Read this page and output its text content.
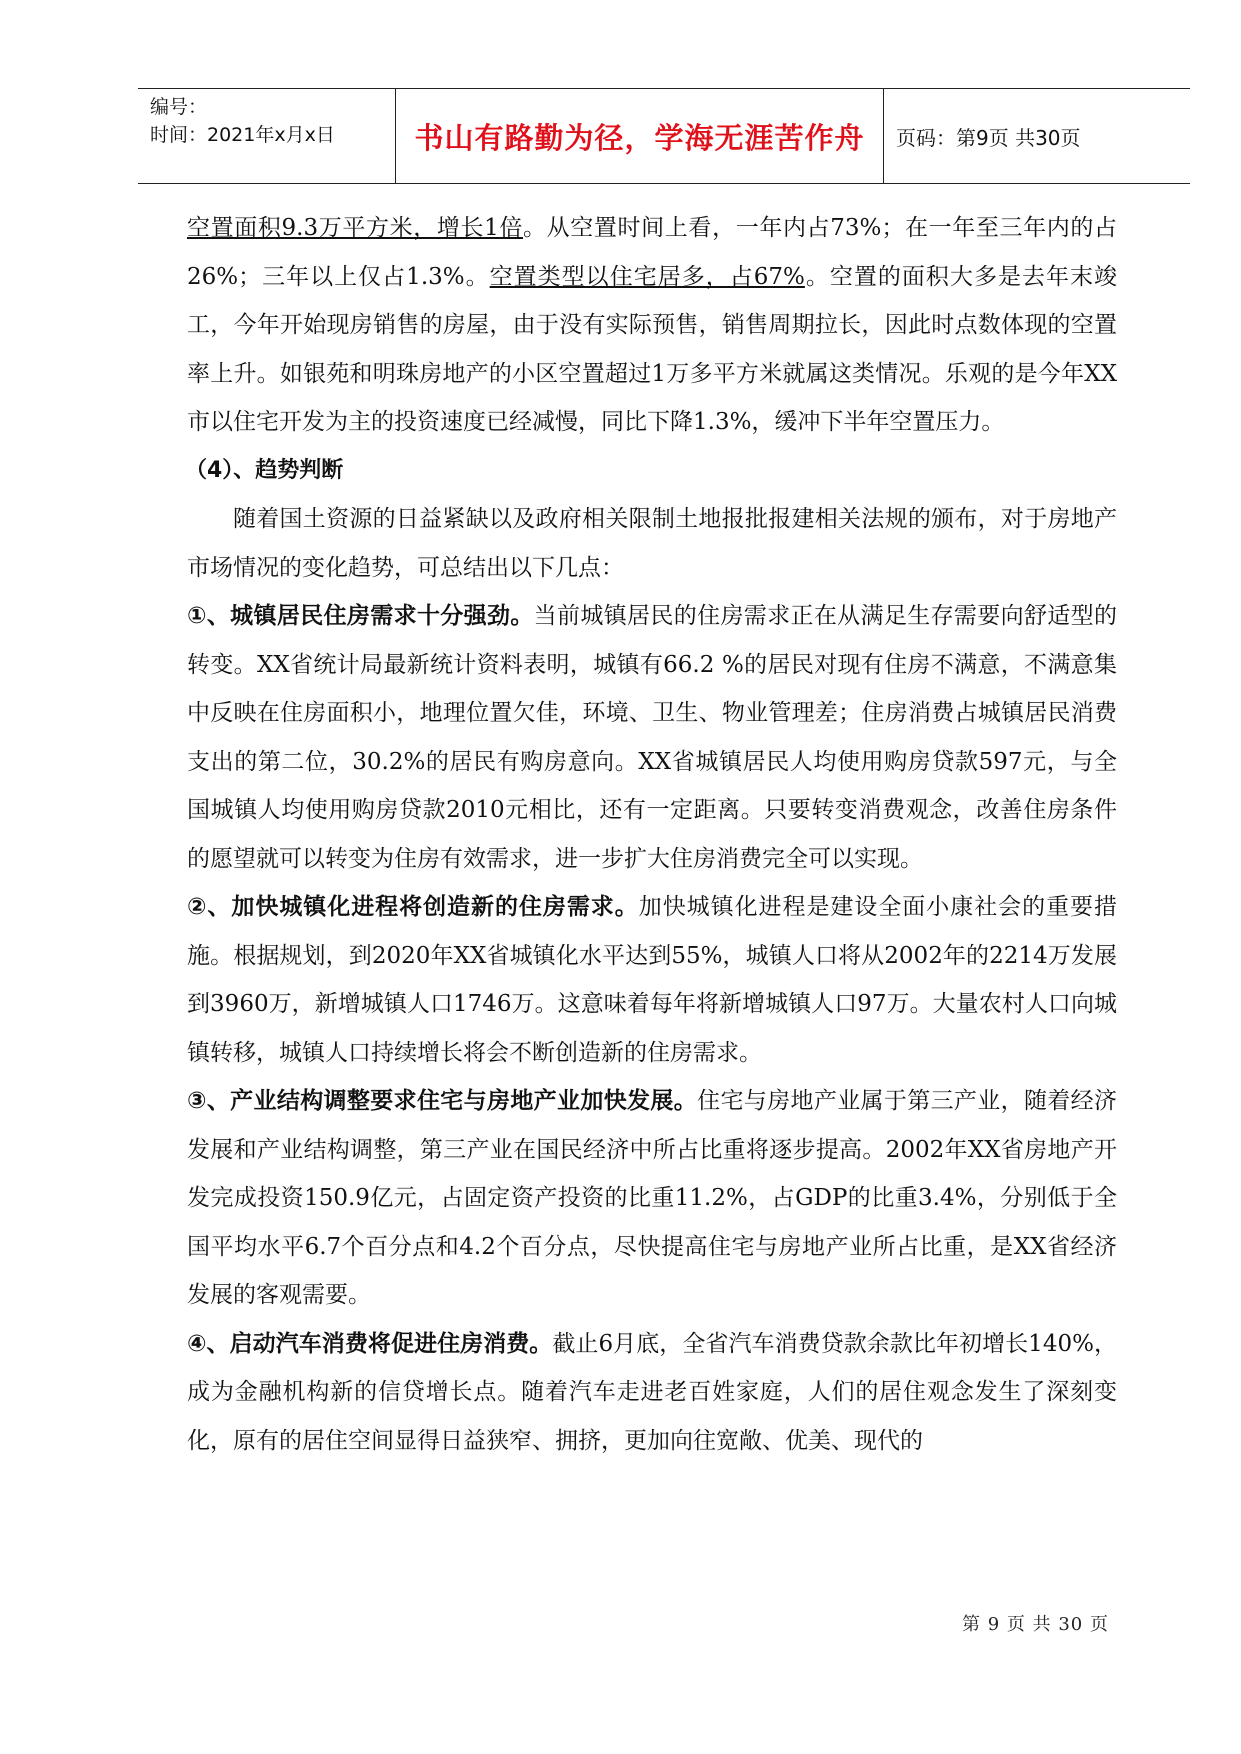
编号：
时间：2021年x月x日	书山有路勤为径，学海无涯苦作舟	页码：第9页 共30页

空置面积9.3万平方米，增长1倍。从空置时间上看，一年内占73%；在一年至三年内的占26%；三年以上仅占1.3%。空置类型以住宅居多，占67%。空置的面积大多是去年末竣工，今年开始现房销售的房屋，由于没有实际预售，销售周期拉长，因此时点数体现的空置率上升。如银苑和明珠房地产的小区空置超过1万多平方米就属这类情况。乐观的是今年XX市以住宅开发为主的投资速度已经减慢，同比下降1.3%，缓冲下半年空置压力。

（4）、趋势判断

随着国土资源的日益紧缺以及政府相关限制土地报批报建相关法规的颁布，对于房地产市场情况的变化趋势，可总结出以下几点：

①、城镇居民住房需求十分强劲。当前城镇居民的住房需求正在从满足生存需要向舒适型的转变。XX省统计局最新统计资料表明，城镇有66.2 %的居民对现有住房不满意，不满意集中反映在住房面积小，地理位置欠佳，环境、卫生、物业管理差；住房消费占城镇居民消费支出的第二位，30.2%的居民有购房意向。XX省城镇居民人均使用购房贷款597元，与全国城镇人均使用购房贷款2010元相比，还有一定距离。只要转变消费观念，改善住房条件的愿望就可以转变为住房有效需求，进一步扩大住房消费完全可以实现。

②、加快城镇化进程将创造新的住房需求。加快城镇化进程是建设全面小康社会的重要措施。根据规划，到2020年XX省城镇化水平达到55%，城镇人口将从2002年的2214万发展到3960万，新增城镇人口1746万。这意味着每年将新增城镇人口97万。大量农村人口向城镇转移，城镇人口持续增长将会不断创造新的住房需求。

③、产业结构调整要求住宅与房地产业加快发展。住宅与房地产业属于第三产业，随着经济发展和产业结构调整，第三产业在国民经济中所占比重将逐步提高。2002年XX省房地产开发完成投资150.9亿元，占固定资产投资的比重11.2%，占GDP的比重3.4%，分别低于全国平均水平6.7个百分点和4.2个百分点，尽快提高住宅与房地产业所占比重，是XX省经济发展的客观需要。

④、启动汽车消费将促进住房消费。截止6月底，全省汽车消费贷款余款比年初增长140%，成为金融机构新的信贷增长点。随着汽车走进老百姓家庭，人们的居住观念发生了深刻变化，原有的居住空间显得日益狭窄、拥挤，更加向往宽敞、优美、现代的

第 9 页 共 30 页
